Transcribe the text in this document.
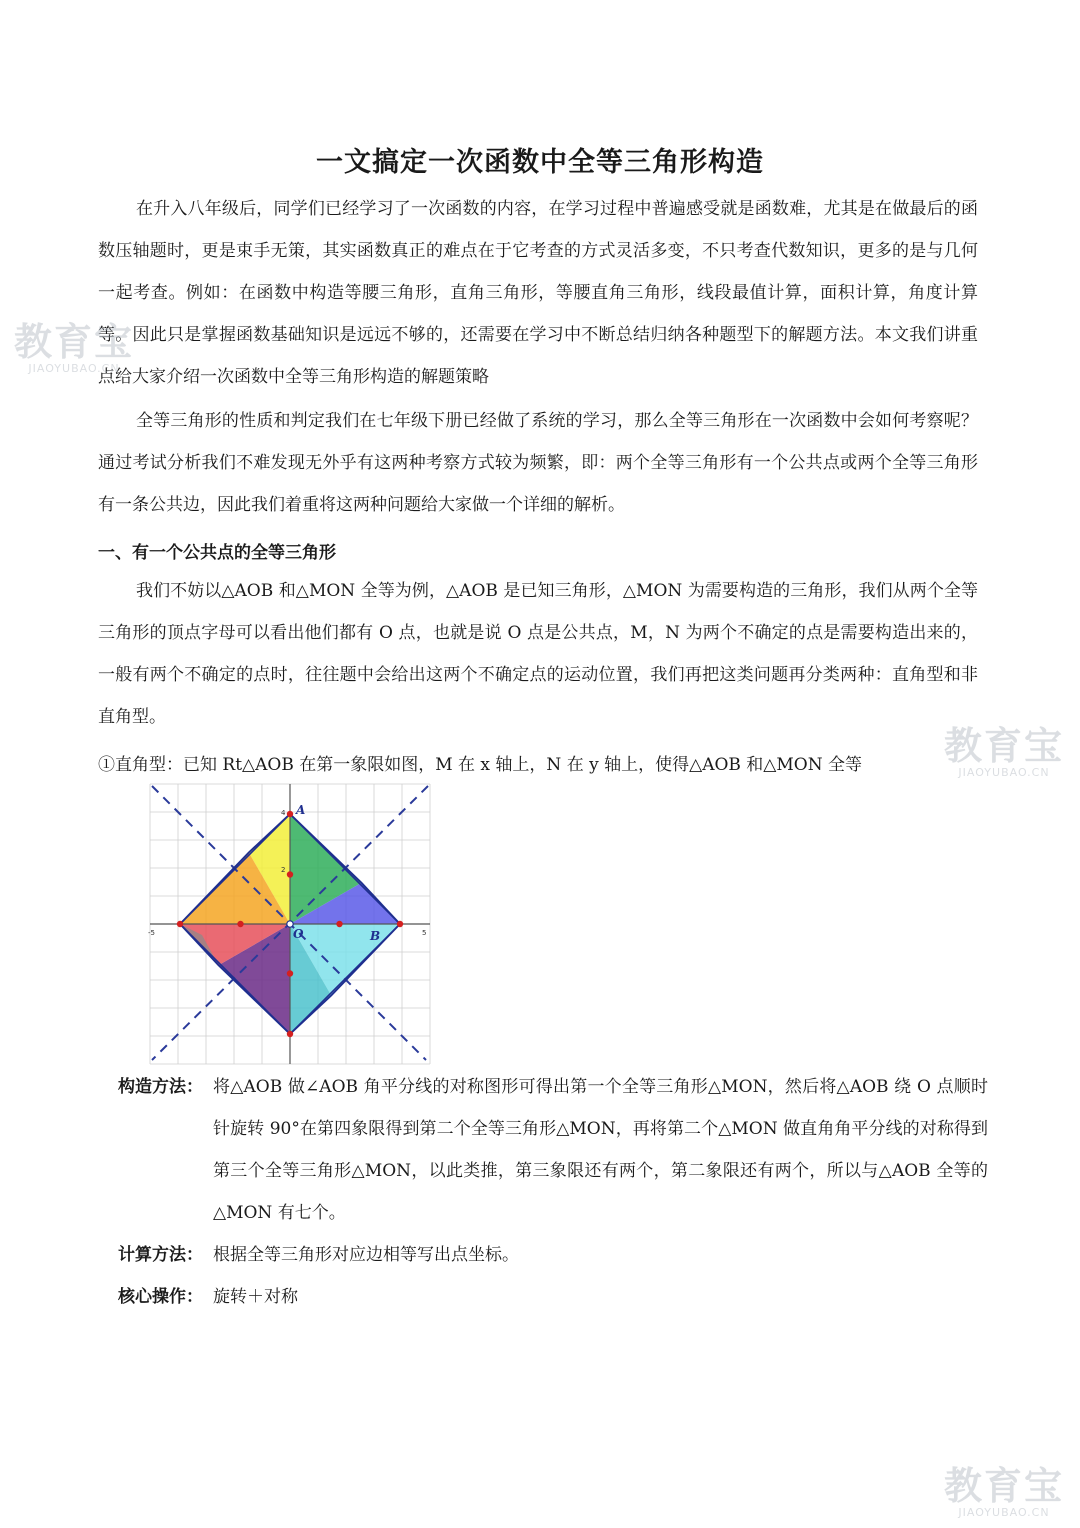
一文搞定一次函数中全等三角形构造

在升入八年级后，同学们已经学习了一次函数的内容，在学习过程中普遍感受就是函数难，尤其是在做最后的函数压轴题时，更是束手无策，其实函数真正的难点在于它考查的方式灵活多变，不只考查代数知识，更多的是与几何一起考查。例如：在函数中构造等腰三角形，直角三角形，等腰直角三角形，线段最值计算，面积计算，角度计算等。因此只是掌握函数基础知识是远远不够的，还需要在学习中不断总结归纳各种题型下的解题方法。本文我们讲重点给大家介绍一次函数中全等三角形构造的解题策略

全等三角形的性质和判定我们在七年级下册已经做了系统的学习，那么全等三角形在一次函数中会如何考察呢？通过考试分析我们不难发现无外乎有这两种考察方式较为频繁，即：两个全等三角形有一个公共点或两个全等三角形有一条公共边，因此我们着重将这两种问题给大家做一个详细的解析。

一、有一个公共点的全等三角形

我们不妨以△AOB 和△MON 全等为例，△AOB 是已知三角形，△MON 为需要构造的三角形，我们从两个全等三角形的顶点字母可以看出他们都有 O 点，也就是说 O 点是公共点，M，N 为两个不确定的点是需要构造出来的，一般有两个不确定的点时，往往题中会给出这两个不确定点的运动位置，我们再把这类问题再分类两种：直角型和非直角型。

①直角型：已知 Rt△AOB 在第一象限如图，M 在 x 轴上，N 在 y 轴上，使得△AOB 和△MON 全等

A
O	B
4
2
-5	5
构造方法： 将△AOB 做∠AOB 角平分线的对称图形可得出第一个全等三角形△MON，然后将△AOB 绕 O 点顺时针旋转 90°在第四象限得到第二个全等三角形△MON，再将第二个△MON 做直角角平分线的对称得到第三个全等三角形△MON，以此类推，第三象限还有两个，第二象限还有两个，所以与△AOB 全等的△MON 有七个。
计算方法： 根据全等三角形对应边相等写出点坐标。
核心操作： 旋转＋对称
教育宝
JIAOYUBAO.CN
教育宝
JIAOYUBAO.CN
教育宝
JIAOYUBAO.CN
